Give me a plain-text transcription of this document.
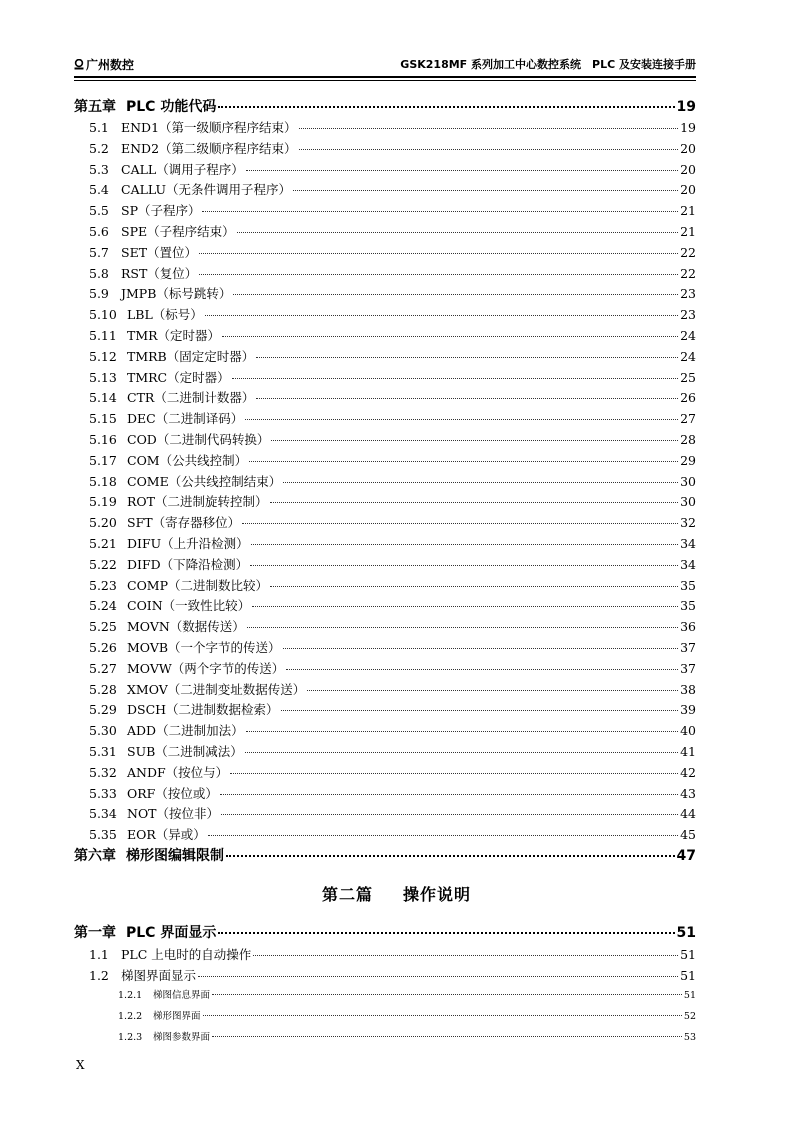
广州数控	GSK218MF 系列加工中心数控系统　PLC 及安装连接手册
第五章 PLC 功能代码	19
5.1 END1（第一级顺序程序结束）	19
5.2 END2（第二级顺序程序结束）	20
5.3 CALL（调用子程序）	20
5.4 CALLU（无条件调用子程序）	20
5.5 SP（子程序）	21
5.6 SPE（子程序结束）	21
5.7 SET（置位）	22
5.8 RST（复位）	22
5.9 JMPB（标号跳转）	23
5.10 LBL（标号）	23
5.11 TMR（定时器）	24
5.12 TMRB（固定定时器）	24
5.13 TMRC（定时器）	25
5.14 CTR（二进制计数器）	26
5.15 DEC（二进制译码）	27
5.16 COD（二进制代码转换）	28
5.17 COM（公共线控制）	29
5.18 COME（公共线控制结束）	30
5.19 ROT（二进制旋转控制）	30
5.20 SFT（寄存器移位）	32
5.21 DIFU（上升沿检测）	34
5.22 DIFD（下降沿检测）	34
5.23 COMP（二进制数比较）	35
5.24 COIN（一致性比较）	35
5.25 MOVN（数据传送）	36
5.26 MOVB（一个字节的传送）	37
5.27 MOVW（两个字节的传送）	37
5.28 XMOV（二进制变址数据传送）	38
5.29 DSCH（二进制数据检索）	39
5.30 ADD（二进制加法）	40
5.31 SUB（二进制减法）	41
5.32 ANDF（按位与）	42
5.33 ORF（按位或）	43
5.34 NOT（按位非）	44
5.35 EOR（异或）	45
第六章 梯形图编辑限制	47
第二篇 操作说明
第一章 PLC 界面显示	51
1.1 PLC 上电时的自动操作	51
1.2 梯图界面显示	51
1.2.1	梯图信息界面	51
1.2.2	梯形图界面	52
1.2.3	梯图参数界面	53
X
